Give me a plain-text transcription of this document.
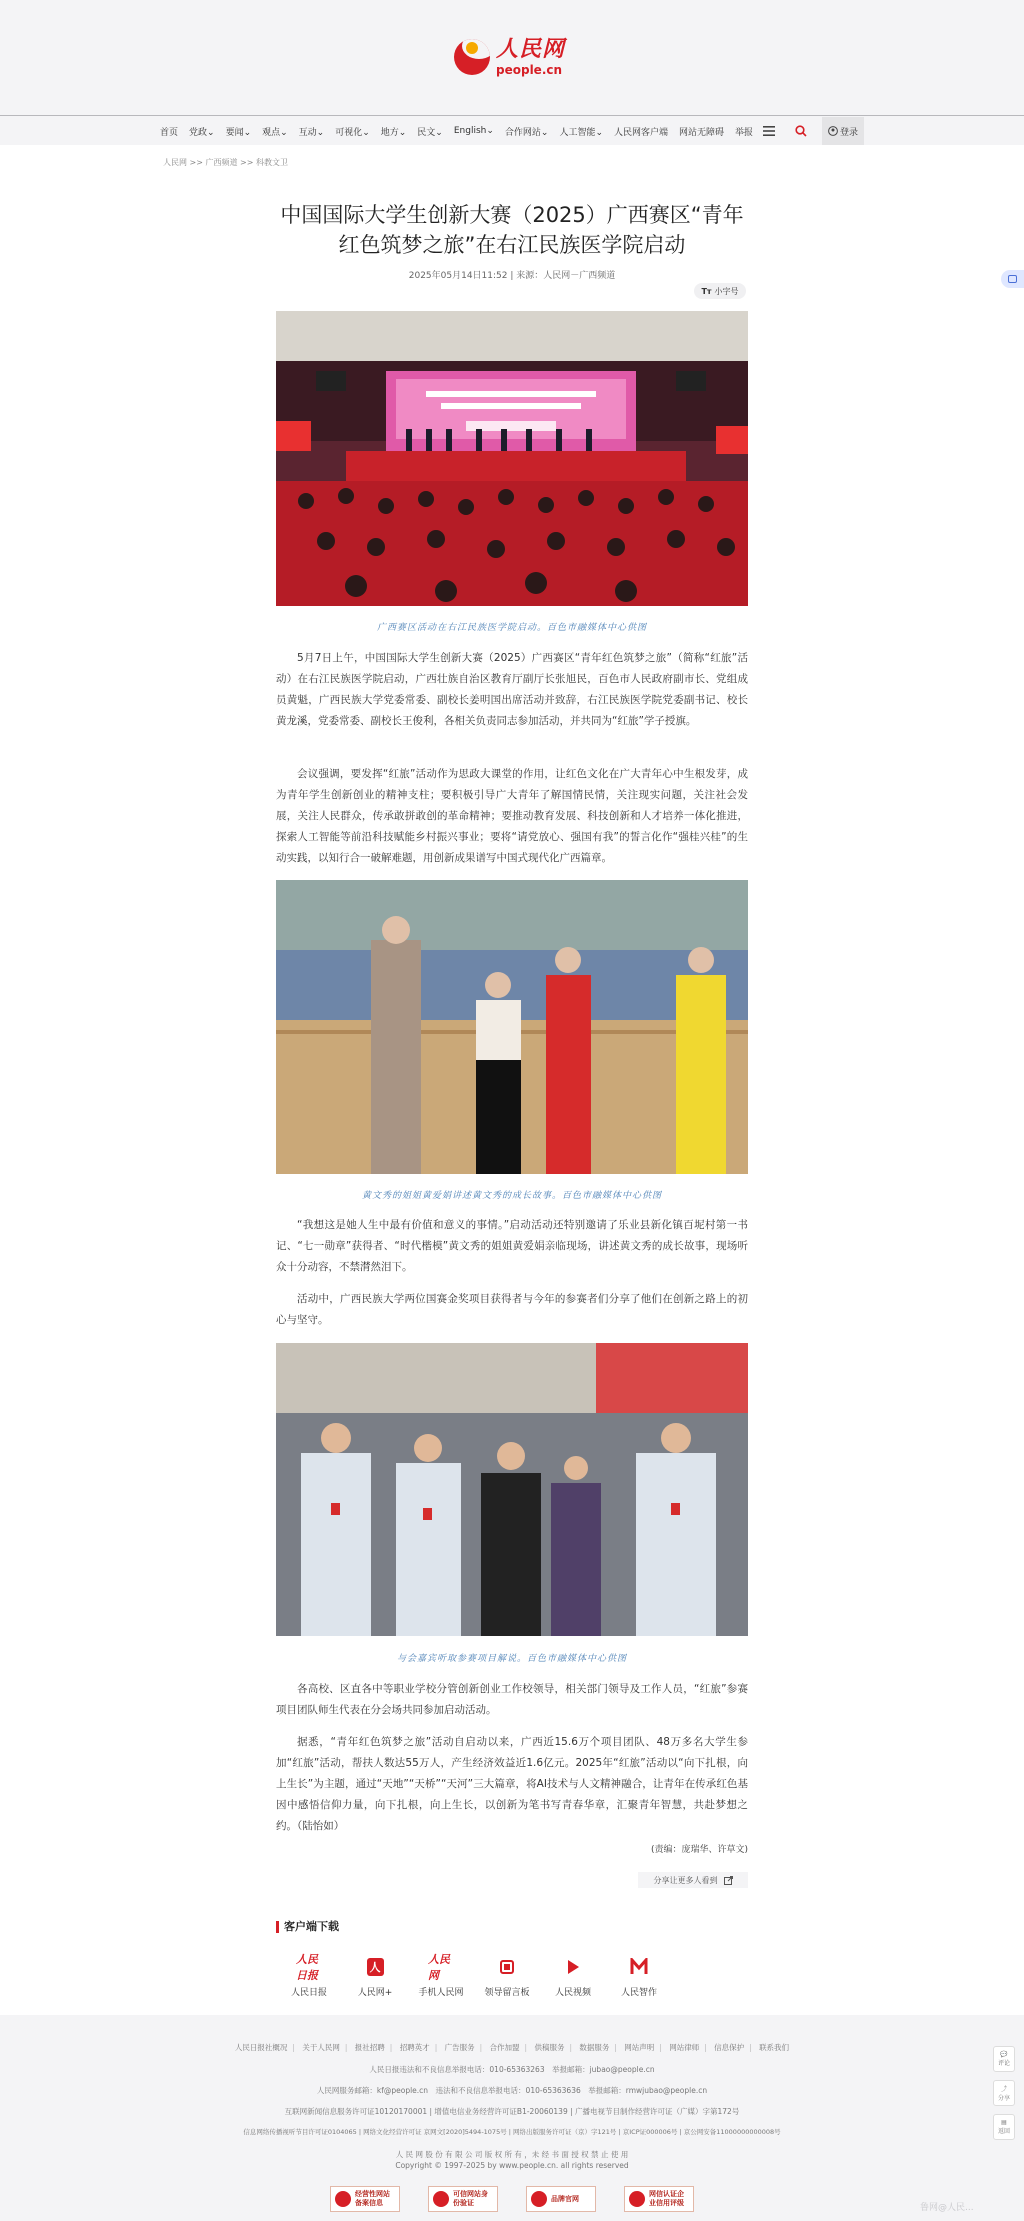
人民网
people.cn
首页 党政⌄ 要闻⌄ 观点⌄ 互动⌄ 可视化⌄ 地方⌄ 民文⌄ English⌄ 合作网站⌄ 人工智能⌄ 人民网客户端 网站无障碍 举报	登录
人民网 >> 广西频道 >> 科教文卫
中国国际大学生创新大赛（2025）广西赛区“青年红色筑梦之旅”在右江民族医学院启动
2025年05月14日11:52 | 来源：人民网－广西频道
Tт 小字号
广西赛区活动在右江民族医学院启动。百色市融媒体中心供图

5月7日上午，中国国际大学生创新大赛（2025）广西赛区“青年红色筑梦之旅”（简称“红旅”活动）在右江民族医学院启动，广西壮族自治区教育厅副厅长张旭民，百色市人民政府副市长、党组成员黄魁，广西民族大学党委常委、副校长姜明国出席活动并致辞，右江民族医学院党委副书记、校长黄龙溪，党委常委、副校长王俊利，各相关负责同志参加活动，并共同为“红旅”学子授旗。

会议强调，要发挥“红旅”活动作为思政大课堂的作用，让红色文化在广大青年心中生根发芽，成为青年学生创新创业的精神支柱；要积极引导广大青年了解国情民情，关注现实问题，关注社会发展，关注人民群众，传承敢拼敢创的革命精神；要推动教育发展、科技创新和人才培养一体化推进，探索人工智能等前沿科技赋能乡村振兴事业；要将“请党放心、强国有我”的誓言化作“强桂兴桂”的生动实践，以知行合一破解难题，用创新成果谱写中国式现代化广西篇章。

黄文秀的姐姐黄爱娟讲述黄文秀的成长故事。百色市融媒体中心供图

“我想这是她人生中最有价值和意义的事情。”启动活动还特别邀请了乐业县新化镇百坭村第一书记、“七一勋章”获得者、“时代楷模”黄文秀的姐姐黄爱娟亲临现场，讲述黄文秀的成长故事，现场听众十分动容，不禁潸然泪下。

活动中，广西民族大学两位国赛金奖项目获得者与今年的参赛者们分享了他们在创新之路上的初心与坚守。

与会嘉宾听取参赛项目解说。百色市融媒体中心供图

各高校、区直各中等职业学校分管创新创业工作校领导，相关部门领导及工作人员，“红旅”参赛项目团队师生代表在分会场共同参加启动活动。

据悉，“青年红色筑梦之旅”活动自启动以来，广西近15.6万个项目团队、48万多名大学生参加“红旅”活动，帮扶人数达55万人，产生经济效益近1.6亿元。2025年“红旅”活动以“向下扎根，向上生长”为主题，通过“天地”“天桥”“天河”三大篇章，将AI技术与人文精神融合，让青年在传承红色基因中感悟信仰力量，向下扎根，向上生长，以创新为笔书写青春华章，汇聚青年智慧，共赴梦想之约。（陆怡如）

(责编：庞瑞华、许草文)
分享让更多人看到
客户端下载
人民日报
人民日报
人
人民网+
人民网
手机人民网 领导留言板	人民视频	人民智作
人民日报社概况 | 关于人民网 | 报社招聘 | 招聘英才 | 广告服务 | 合作加盟 | 供稿服务 | 数据服务 | 网站声明 | 网站律师 | 信息保护 | 联系我们
人民日报违法和不良信息举报电话：010-65363263　举报邮箱：jubao@people.cn
人民网服务邮箱：kf@people.cn　违法和不良信息举报电话：010-65363636　举报邮箱：rmwjubao@people.cn
互联网新闻信息服务许可证10120170001 | 增值电信业务经营许可证B1-20060139 | 广播电视节目制作经营许可证（广媒）字第172号
信息网络传播视听节目许可证0104065 | 网络文化经营许可证 京网文[2020]5494-1075号 | 网络出版服务许可证（京）字121号 | 京ICP证000006号 | 京公网安备11000000000008号
人 民 网 股 份 有 限 公 司 版 权 所 有 ，未 经 书 面 授 权 禁 止 使 用
Copyright © 1997-2025 by www.people.cn. all rights reserved
经营性网站备案信息
可信网站身份验证
品牌官网
网信认证企业信用评级
💬
评论
⤴
分享
▤
返回
鲁网@人民...
